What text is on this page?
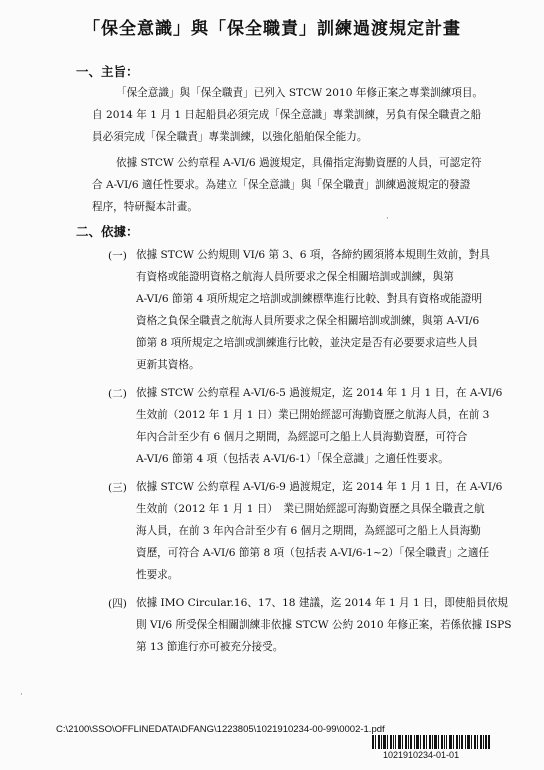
「保全意識」與「保全職責」訓練過渡規定計畫
一、主旨：
「保全意識」與「保全職責」已列入 STCW 2010 年修正案之專業訓練項目。
自 2014 年 1 月 1 日起船員必須完成「保全意識」專業訓練，另負有保全職責之船
員必須完成「保全職責」專業訓練，以強化船舶保全能力。
依據 STCW 公約章程 A-VI/6 過渡規定，具備指定海勤資歷的人員，可認定符
合 A-VI/6 適任性要求。為建立「保全意識」與「保全職責」訓練過渡規定的發證
程序，特研擬本計畫。
二、依據：
(一) 依據 STCW 公約規則 VI/6 第 3、6 項，各締約國須將本規則生效前，對具
有資格或能證明資格之航海人員所要求之保全相關培訓或訓練，與第
A-VI/6 節第 4 項所規定之培訓或訓練標準進行比較、對具有資格或能證明
資格之負保全職責之航海人員所要求之保全相關培訓或訓練，與第 A-VI/6
節第 8 項所規定之培訓或訓練進行比較，並決定是否有必要要求這些人員
更新其資格。
(二) 依據 STCW 公約章程 A-VI/6-5 過渡規定，迄 2014 年 1 月 1 日，在 A-VI/6
生效前（2012 年 1 月 1 日）業已開始經認可海勤資歷之航海人員，在前 3
年內合計至少有 6 個月之期間，為經認可之船上人員海勤資歷，可符合
A-VI/6 節第 4 項（包括表 A-VI/6-1）「保全意識」之適任性要求。
(三) 依據 STCW 公約章程 A-VI/6-9 過渡規定，迄 2014 年 1 月 1 日，在 A-VI/6
生效前（2012 年 1 月 1 日）　業已開始經認可海勤資歷之具保全職責之航
海人員，在前 3 年內合計至少有 6 個月之期間，為經認可之船上人員海勤
資歷，可符合 A-VI/6 節第 8 項（包括表 A-VI/6-1~2）「保全職責」之適任
性要求。
(四) 依據 IMO Circular.16、17、18 建議，迄 2014 年 1 月 1 日，即使船員依規
則 VI/6 所受保全相關訓練非依據 STCW 公約 2010 年修正案，若係依據 ISPS
第 13 節進行亦可被充分接受。
·
·
C:\2100\SSO\OFFLINEDATA\DFANG\1223805\1021910234-00-99\0002-1.pdf
1021910234-01-01
